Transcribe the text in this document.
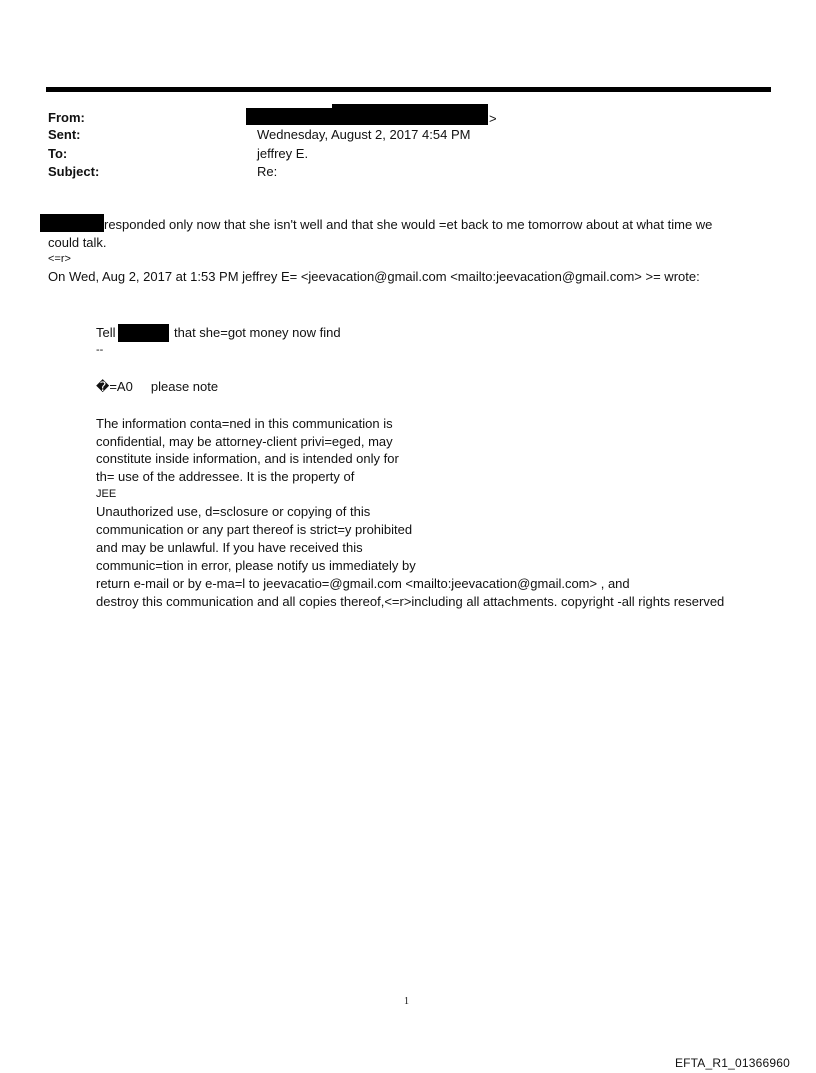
From:	>
Sent:	Wednesday, August 2, 2017 4:54 PM
To:	jeffrey E.
Subject:	Re:
responded only now that she isn't well and that she would =et back to me tomorrow about at what time we
could talk.
<=r>
On Wed, Aug 2, 2017 at 1:53 PM jeffrey E= <jeevacation@gmail.com <mailto:jeevacation@gmail.com> >= wrote:
Tell	that she=got money now find
--
�=A0     please note
The information conta=ned in this communication is
confidential, may be attorney-client privi=eged, may
constitute inside information, and is intended only for
th= use of the addressee. It is the property of
JEE
Unauthorized use, d=sclosure or copying of this
communication or any part thereof is strict=y prohibited
and may be unlawful. If you have received this
communic=tion in error, please notify us immediately by
return e-mail or by e-ma=l to jeevacatio=@gmail.com <mailto:jeevacation@gmail.com> , and
destroy this communication and all copies thereof,<=r>including all attachments. copyright -all rights reserved
1
EFTA_R1_01366960
